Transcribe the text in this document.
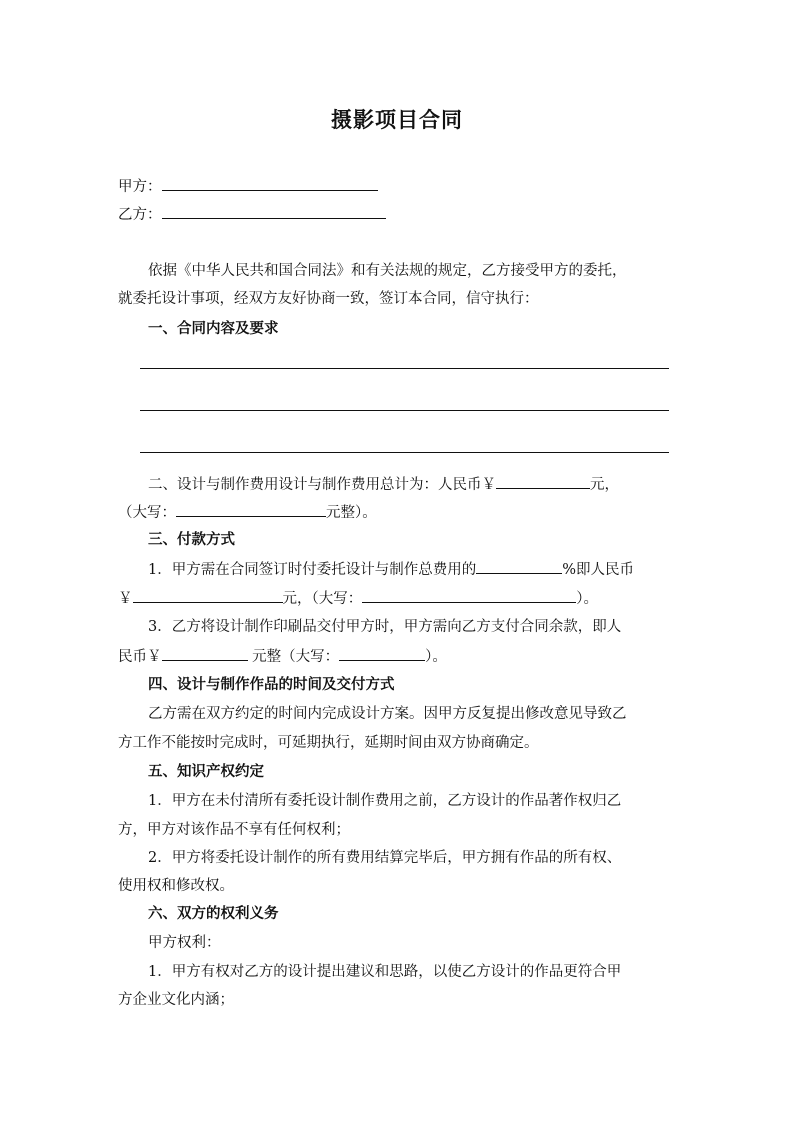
摄影项目合同
甲方：
乙方：
依据《中华人民共和国合同法》和有关法规的规定，乙方接受甲方的委托，
就委托设计事项，经双方友好协商一致，签订本合同，信守执行：
一、合同内容及要求
二、设计与制作费用设计与制作费用总计为：人民币￥	元，
（大写：	元整）。
三、付款方式
1．甲方需在合同签订时付委托设计与制作总费用的	%即人民币
￥	元，（大写：	）。
3．乙方将设计制作印刷品交付甲方时，甲方需向乙方支付合同余款，即人
民币￥	元整（大写：	）。
四、设计与制作作品的时间及交付方式
乙方需在双方约定的时间内完成设计方案。因甲方反复提出修改意见导致乙
方工作不能按时完成时，可延期执行，延期时间由双方协商确定。
五、知识产权约定
1．甲方在未付清所有委托设计制作费用之前，乙方设计的作品著作权归乙
方，甲方对该作品不享有任何权利；
2．甲方将委托设计制作的所有费用结算完毕后，甲方拥有作品的所有权、
使用权和修改权。
六、双方的权利义务
甲方权利：
1．甲方有权对乙方的设计提出建议和思路，以使乙方设计的作品更符合甲
方企业文化内涵；
